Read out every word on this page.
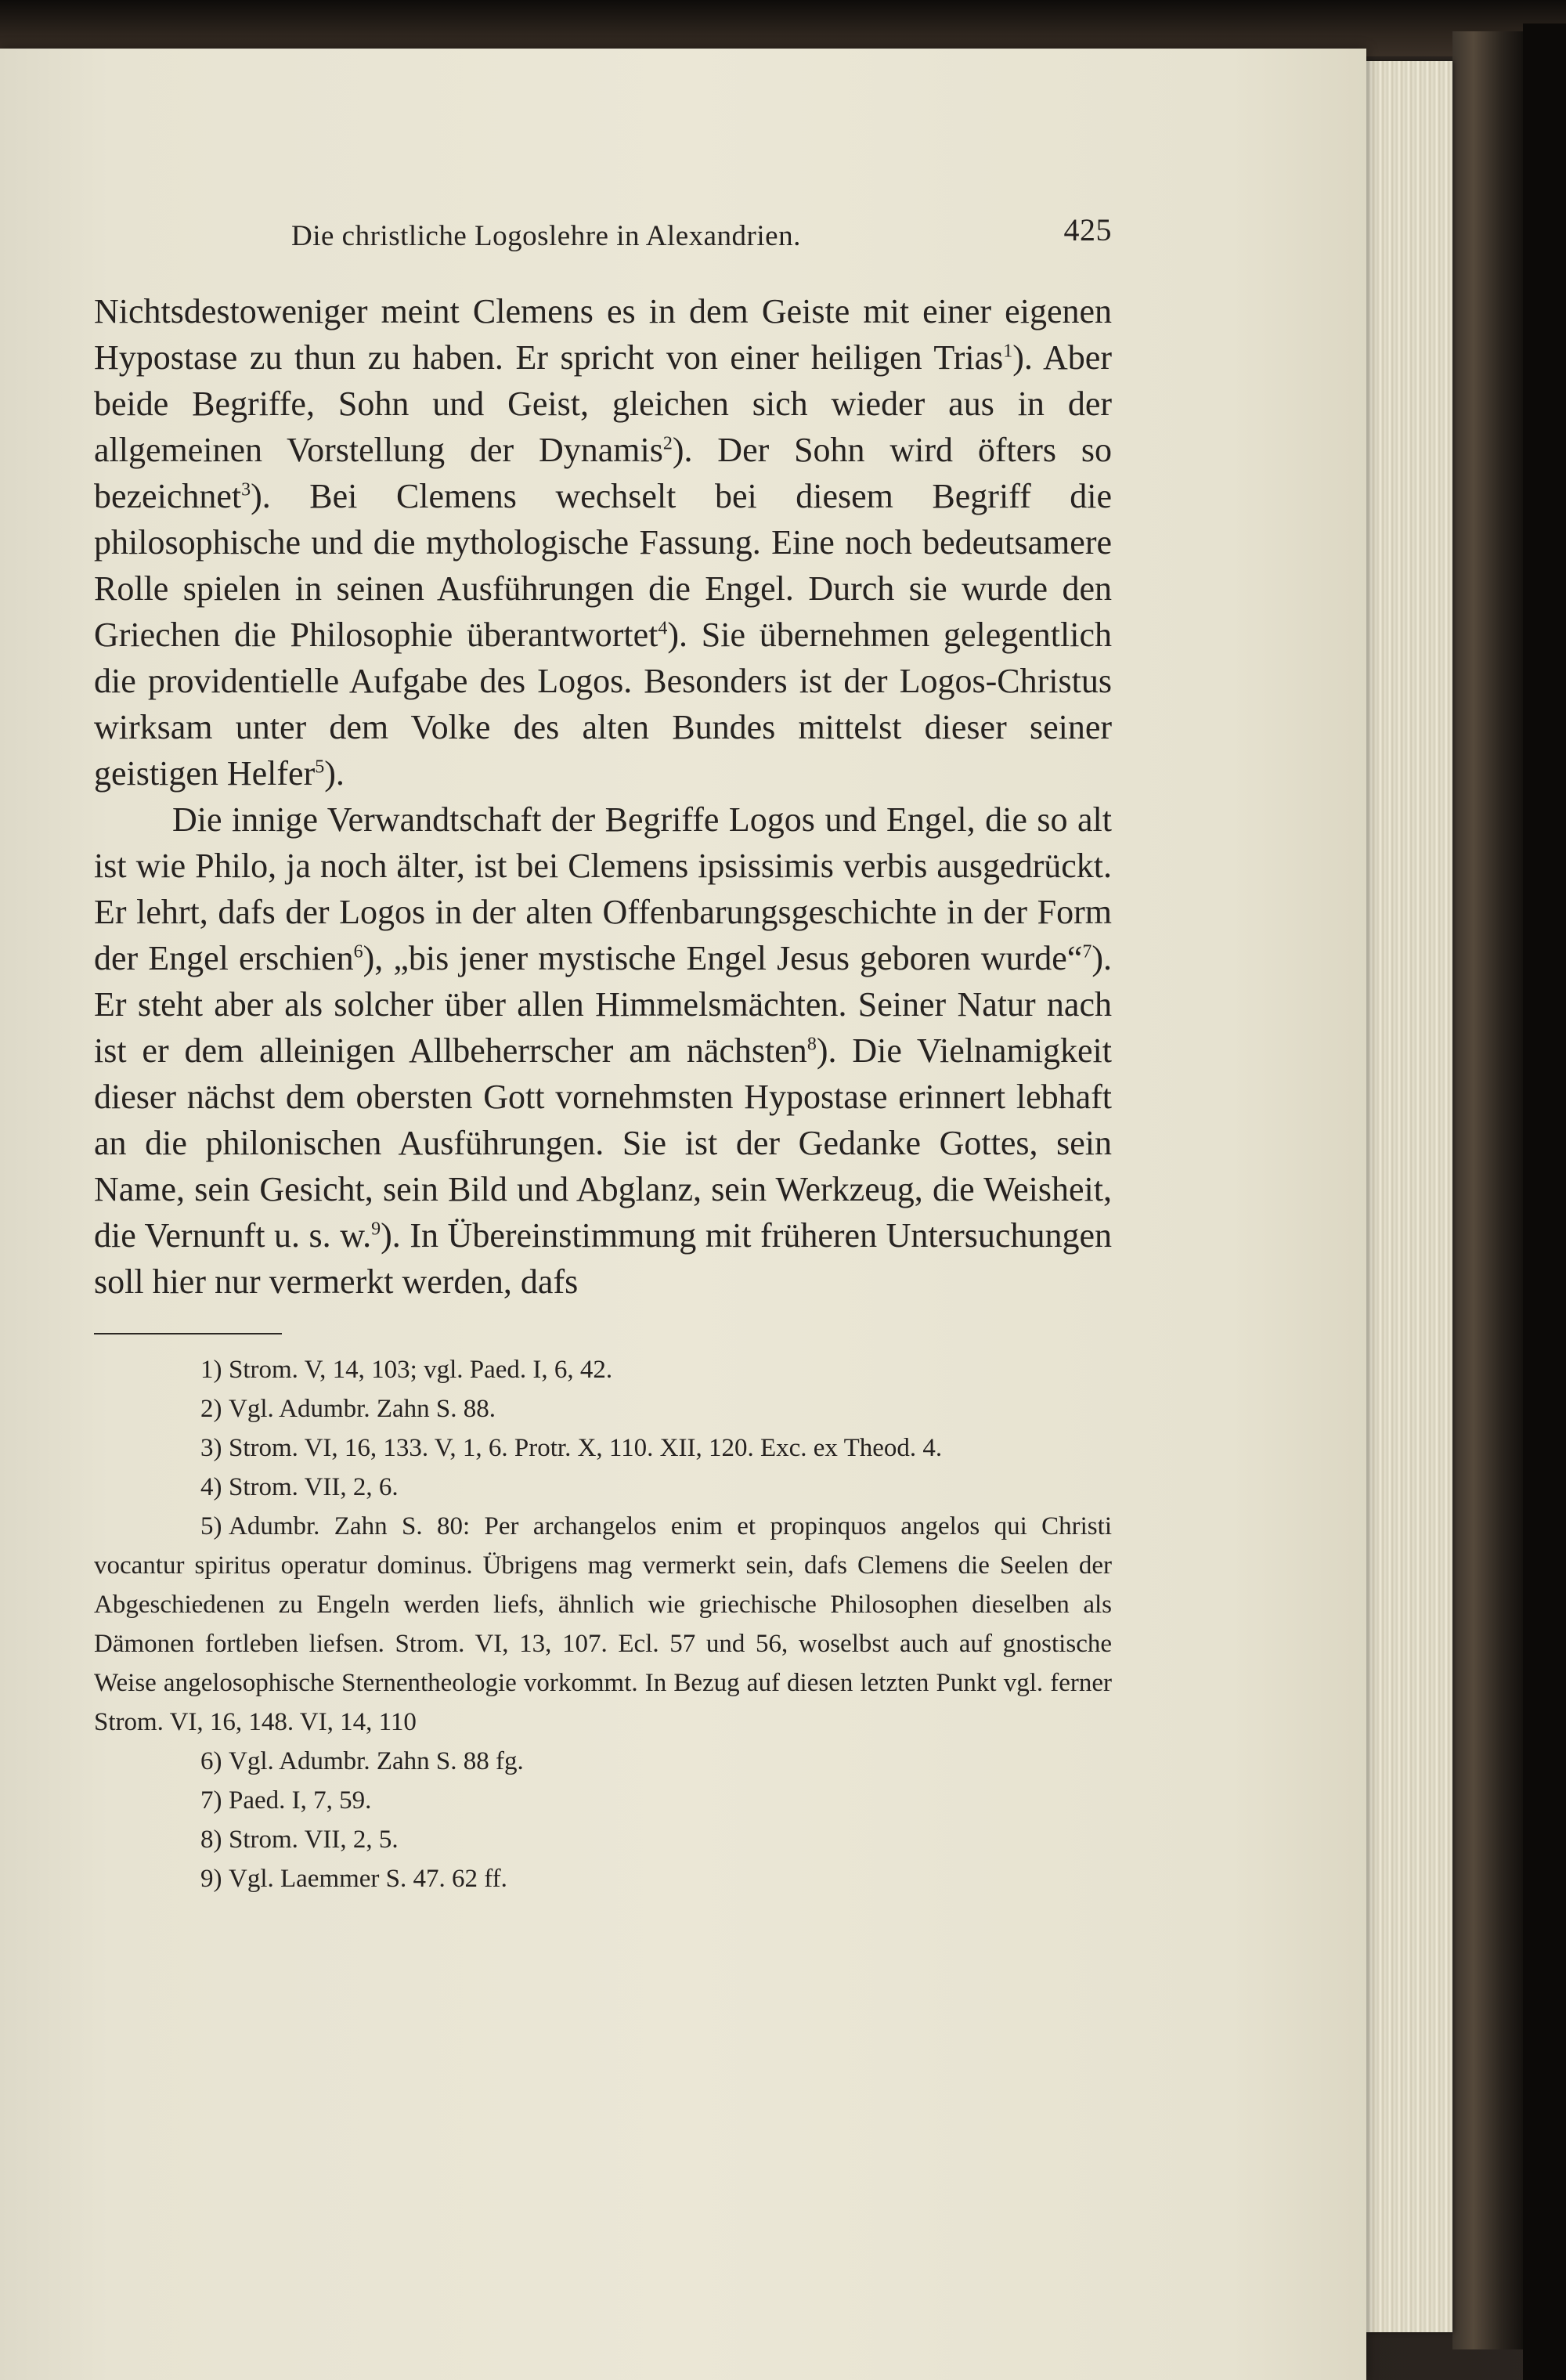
Die christliche Logoslehre in Alexandrien.	425

Nichtsdestoweniger meint Clemens es in dem Geiste mit einer eigenen Hypostase zu thun zu haben. Er spricht von einer heiligen Trias$^1$). Aber beide Begriffe, Sohn und Geist, gleichen sich wieder aus in der allgemeinen Vorstellung der Dynamis$^2$). Der Sohn wird öfters so bezeichnet$^3$). Bei Clemens wechselt bei diesem Begriff die philosophische und die mythologische Fassung. Eine noch bedeutsamere Rolle spielen in seinen Ausführungen die Engel. Durch sie wurde den Griechen die Philosophie überantwortet$^4$). Sie übernehmen gelegentlich die providentielle Aufgabe des Logos. Besonders ist der Logos-Christus wirksam unter dem Volke des alten Bundes mittelst dieser seiner geistigen Helfer$^5$).

Die innige Verwandtschaft der Begriffe Logos und Engel, die so alt ist wie Philo, ja noch älter, ist bei Clemens ipsissimis verbis ausgedrückt. Er lehrt, dafs der Logos in der alten Offenbarungsgeschichte in der Form der Engel erschien$^6$), „bis jener mystische Engel Jesus geboren wurde“$^7$). Er steht aber als solcher über allen Himmelsmächten. Seiner Natur nach ist er dem alleinigen Allbeherrscher am nächsten$^8$). Die Vielnamigkeit dieser nächst dem obersten Gott vornehmsten Hypostase erinnert lebhaft an die philonischen Ausführungen. Sie ist der Gedanke Gottes, sein Name, sein Gesicht, sein Bild und Abglanz, sein Werkzeug, die Weisheit, die Vernunft u. s. w.$^9$). In Übereinstimmung mit früheren Untersuchungen soll hier nur vermerkt werden, dafs

1) Strom. V, 14, 103; vgl. Paed. I, 6, 42.

2) Vgl. Adumbr. Zahn S. 88.

3) Strom. VI, 16, 133. V, 1, 6. Protr. X, 110. XII, 120. Exc. ex Theod. 4.

4) Strom. VII, 2, 6.

5) Adumbr. Zahn S. 80: Per archangelos enim et propinquos angelos qui Christi vocantur spiritus operatur dominus. Übrigens mag vermerkt sein, dafs Clemens die Seelen der Abgeschiedenen zu Engeln werden liefs, ähnlich wie griechische Philosophen dieselben als Dämonen fortleben liefsen. Strom. VI, 13, 107. Ecl. 57 und 56, woselbst auch auf gnostische Weise angelosophische Sternentheologie vorkommt. In Bezug auf diesen letzten Punkt vgl. ferner Strom. VI, 16, 148. VI, 14, 110

6) Vgl. Adumbr. Zahn S. 88 fg.

7) Paed. I, 7, 59.

8) Strom. VII, 2, 5.

9) Vgl. Laemmer S. 47. 62 ff.
